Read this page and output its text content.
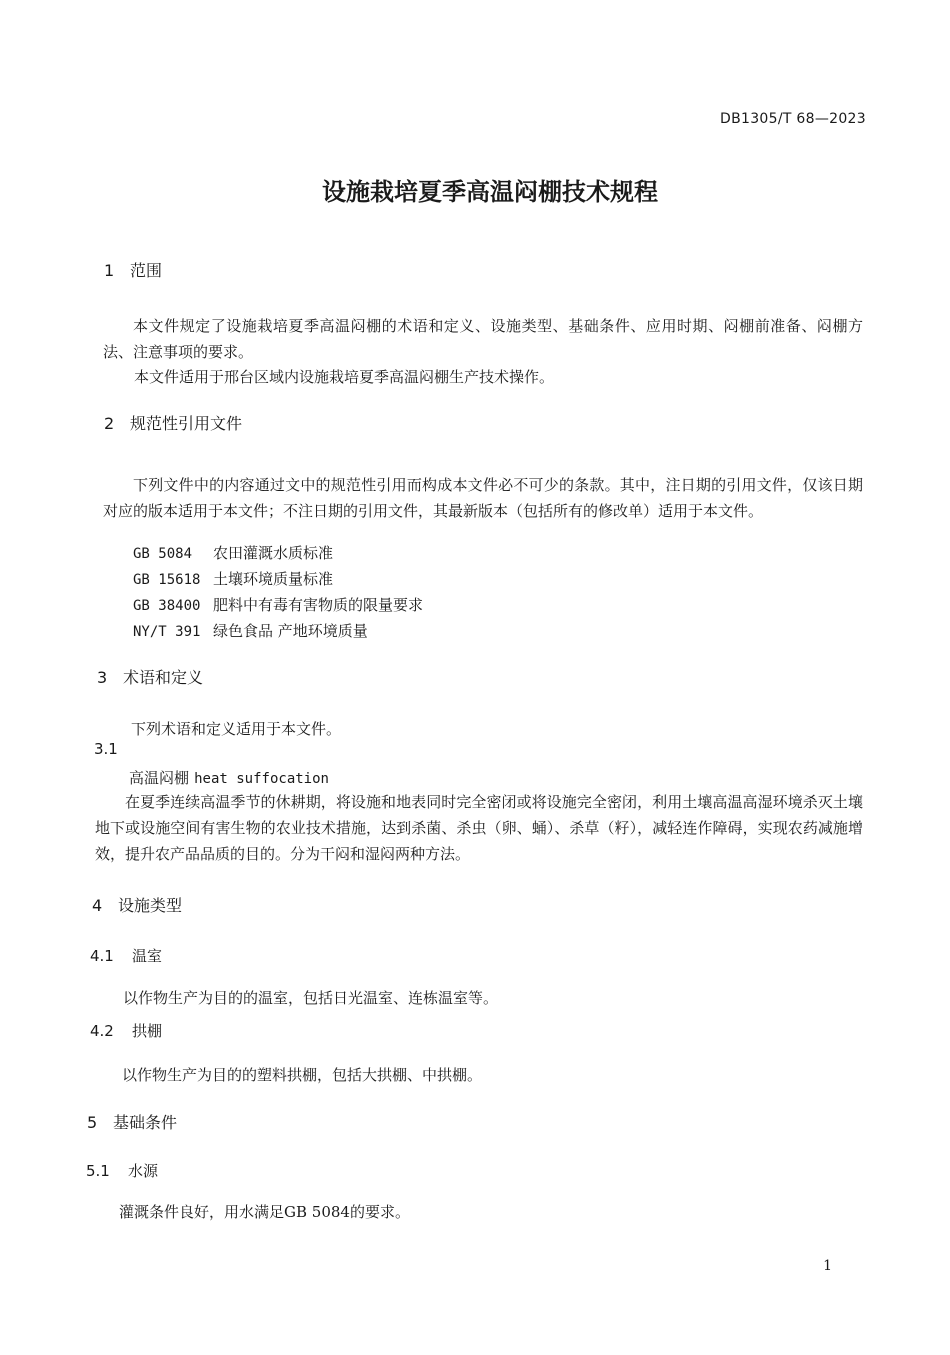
DB1305/T 68—2023
设施栽培夏季高温闷棚技术规程
1 范围
本文件规定了设施栽培夏季高温闷棚的术语和定义、设施类型、基础条件、应用时期、闷棚前准备、闷棚方法、注意事项的要求。
本文件适用于邢台区域内设施栽培夏季高温闷棚生产技术操作。
2 规范性引用文件
下列文件中的内容通过文中的规范性引用而构成本文件必不可少的条款。其中，注日期的引用文件，仅该日期对应的版本适用于本文件；不注日期的引用文件，其最新版本（包括所有的修改单）适用于本文件。
GB 5084 农田灌溉水质标准
GB 15618 土壤环境质量标准
GB 38400 肥料中有毒有害物质的限量要求
NY/T 391 绿色食品 产地环境质量
3 术语和定义
下列术语和定义适用于本文件。
3.1
高温闷棚 heat suffocation
在夏季连续高温季节的休耕期，将设施和地表同时完全密闭或将设施完全密闭，利用土壤高温高湿环境杀灭土壤地下或设施空间有害生物的农业技术措施，达到杀菌、杀虫（卵、蛹）、杀草（籽），减轻连作障碍，实现农药减施增效，提升农产品品质的目的。分为干闷和湿闷两种方法。
4 设施类型
4.1 温室
以作物生产为目的的温室，包括日光温室、连栋温室等。
4.2 拱棚
以作物生产为目的的塑料拱棚，包括大拱棚、中拱棚。
5 基础条件
5.1 水源
灌溉条件良好，用水满足GB 5084的要求。
1
